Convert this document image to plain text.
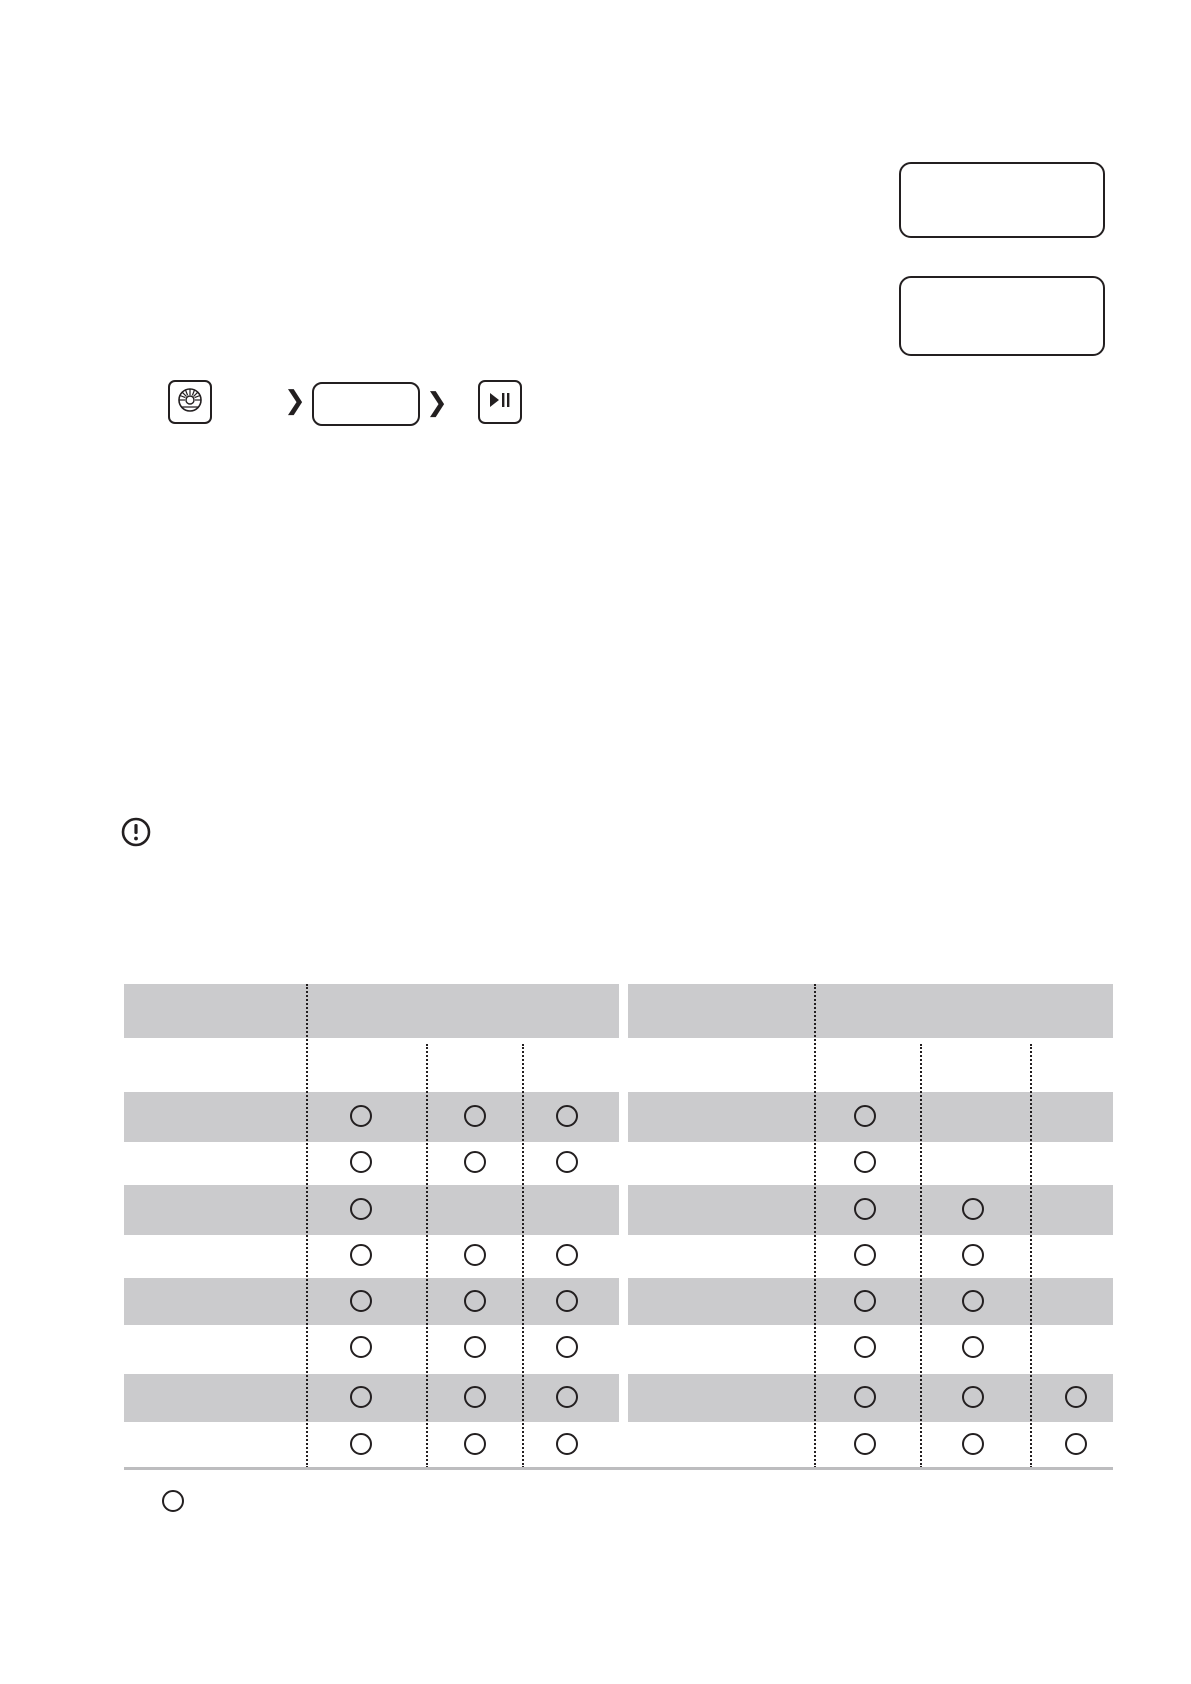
❯	❯
